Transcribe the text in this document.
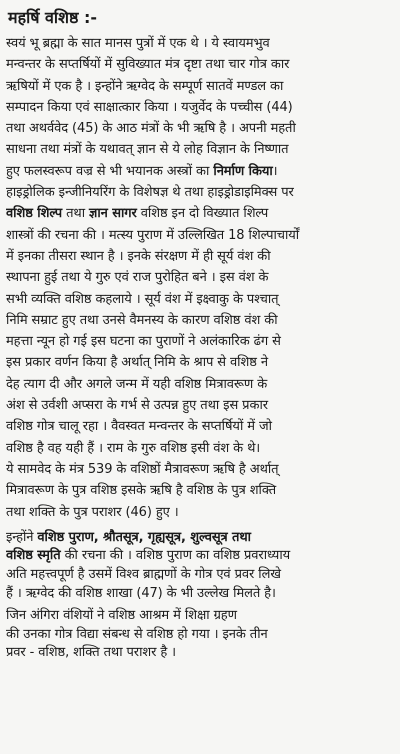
महर्षि वशिष्ठ :-
स्वयं भू ब्रह्मा के सात मानस पुत्रों में एक थे । ये स्वायमभुव
मन्वन्तर के सप्तर्षियों में सुविख्यात मंत्र दृष्टा तथा चार गोत्र कार
ऋषियों में एक है । इन्होंने ऋग्वेद के सम्पूर्ण सातवें मण्डल का
सम्पादन किया एवं साक्षात्कार किया । यजुर्वेद के पच्चीस (44)
तथा अथर्ववेद (45) के आठ मंत्रों के भी ऋषि है । अपनी महती
साधना तथा मंत्रों के यथावत् ज्ञान से ये लोह विज्ञान के निष्णात
हुए फलस्वरूप वज्र से भी भयानक अस्त्रों का निर्माण किया।
हाइड्रोलिक इन्जीनियरिंग के विशेषज्ञ थे तथा हाइड्रोडाइमिक्स पर
वशिष्ठ शिल्प तथा ज्ञान सागर वशिष्ठ इन दो विख्यात शिल्प
शास्त्रों की रचना की । मत्स्य पुराण में उल्लिखित 18 शिल्पाचार्यों
में इनका तीसरा स्थान है । इनके संरक्षण में ही सूर्य वंश की
स्थापना हुई तथा ये गुरु एवं राज पुरोहित बने । इस वंश के
सभी व्यक्ति वशिष्ठ कहलाये । सूर्य वंश में इक्ष्वाकु के पश्चात्
निमि सम्राट हुए तथा उनसे वैमनस्य के कारण वशिष्ठ वंश की
महत्ता न्यून हो गई इस घटना का पुराणों ने अलंकारिक ढंग से
इस प्रकार वर्णन किया है अर्थात् निमि के श्राप से वशिष्ठ ने
देह त्याग दी और अगले जन्म में यही वशिष्ठ मित्रावरूण के
अंश से उर्वशी अप्सरा के गर्भ से उत्पन्न हुए तथा इस प्रकार
वशिष्ठ गोत्र चालू रहा । वैवस्वत मन्वन्तर के सप्तर्षियों में जो
वशिष्ठ है वह यही हैं । राम के गुरु वशिष्ठ इसी वंश के थे।
ये सामवेद के मंत्र 539 के वशिष्ठों मैत्रावरूण ऋषि है अर्थात्
मित्रावरूण के पुत्र वशिष्ठ इसके ऋषि है वशिष्ठ के पुत्र शक्ति
तथा शक्ति के पुत्र पराशर (46) हुए ।
इन्होंने वशिष्ठ पुराण, श्रौतसूत्र, गृह्यसूत्र, शुल्वसूत्र तथा
वशिष्ठ स्मृति की रचना की । वशिष्ठ पुराण का वशिष्ठ प्रवराध्याय
अति महत्त्वपूर्ण है उसमें विश्व ब्राह्मणों के गोत्र एवं प्रवर लिखे
हैं । ऋग्वेद की वशिष्ठ शाखा (47) के भी उल्लेख मिलते है।
जिन अंगिरा वंशियों ने वशिष्ठ आश्रम में शिक्षा ग्रहण
की उनका गोत्र विद्या संबन्ध से वशिष्ठ हो गया । इनके तीन
प्रवर - वशिष्ठ, शक्ति तथा पराशर है ।
